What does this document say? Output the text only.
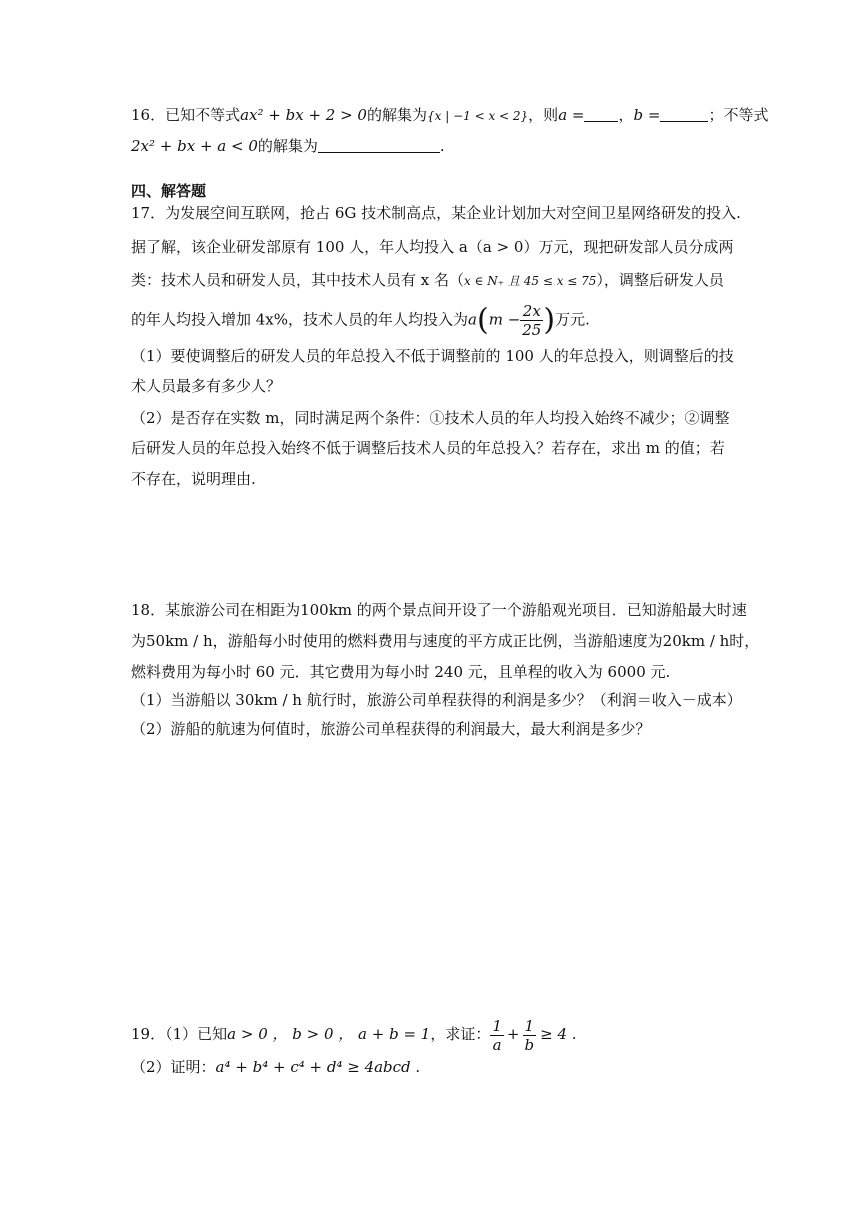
16．已知不等式ax² + bx + 2 > 0的解集为{x | −1 < x < 2}，则a = ，b =	；不等式
2x² + bx + a < 0的解集为	.
四、解答题
17．为发展空间互联网，抢占 6G 技术制高点，某企业计划加大对空间卫星网络研发的投入.
据了解，该企业研发部原有 100 人，年人均投入 a（a > 0）万元，现把研发部人员分成两
类：技术人员和研发人员，其中技术人员有 x 名（x ∈ N₊ 且 45 ≤ x ≤ 75），调整后研发人员
的年人均投入增加 4x%，技术人员的年人均投入为$a(m - \frac{2x}{25}$ )万元.
（1）要使调整后的研发人员的年总投入不低于调整前的 100 人的年总投入，则调整后的技
术人员最多有多少人？
（2）是否存在实数 m，同时满足两个条件：①技术人员的年人均投入始终不减少；②调整
后研发人员的年总投入始终不低于调整后技术人员的年总投入？若存在，求出 m 的值；若
不存在，说明理由.
18．某旅游公司在相距为100km 的两个景点间开设了一个游船观光项目．已知游船最大时速
为50km / h，游船每小时使用的燃料费用与速度的平方成正比例，当游船速度为20km / h时，
燃料费用为每小时 60 元．其它费用为每小时 240 元，且单程的收入为 6000 元.
（1）当游船以 30km / h 航行时，旅游公司单程获得的利润是多少？（利润＝收入－成本）
（2）游船的航速为何值时，旅游公司单程获得的利润最大，最大利润是多少？
19．（1）已知a > 0 ， b > 0 ， a + b = 1，求证： $\frac{1}{a} + \frac{1}{b} \ge 4$ .
（2）证明：a⁴ + b⁴ + c⁴ + d⁴ ≥ 4abcd .
